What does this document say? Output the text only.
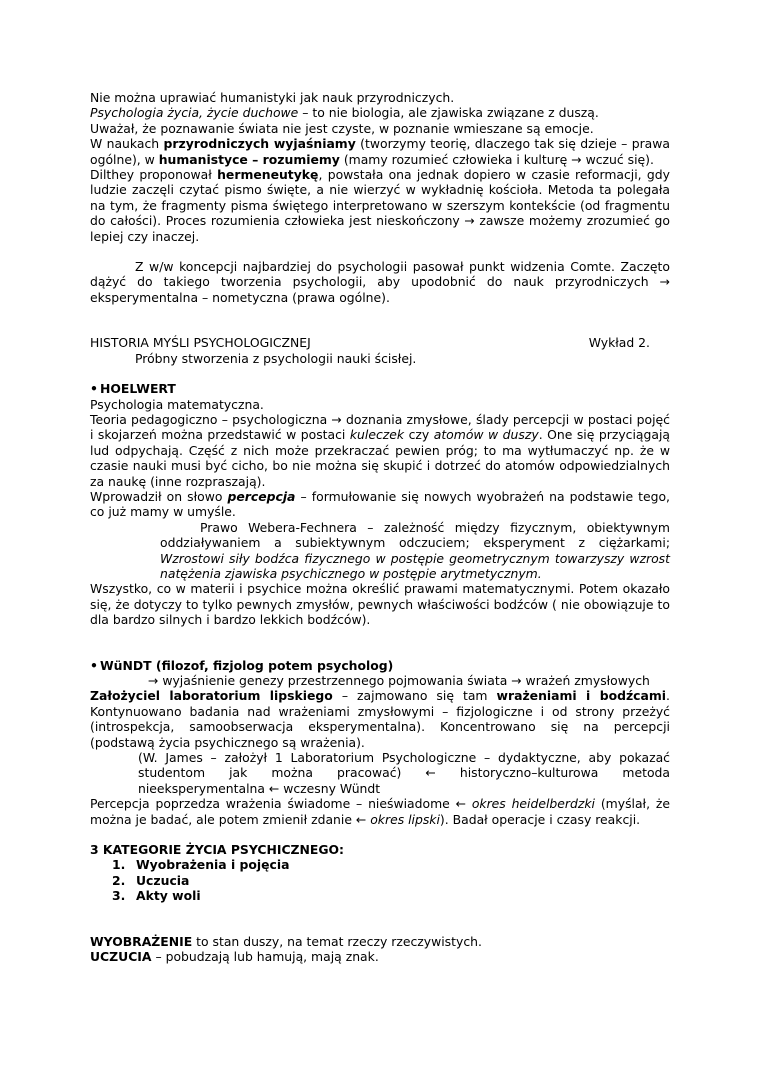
Nie można uprawiać humanistyki jak nauk przyrodniczych.

Psychologia życia, życie duchowe – to nie biologia, ale zjawiska związane z duszą.

Uważał, że poznawanie świata nie jest czyste, w poznanie wmieszane są emocje.

W naukach przyrodniczych wyjaśniamy (tworzymy teorię, dlaczego tak się dzieje – prawa ogólne), w humanistyce – rozumiemy (mamy rozumieć człowieka i kulturę → wczuć się).

Dilthey proponował hermeneutykę, powstała ona jednak dopiero w czasie reformacji, gdy ludzie zaczęli czytać pismo święte, a nie wierzyć w wykładnię kościoła. Metoda ta polegała na tym, że fragmenty pisma świętego interpretowano w szerszym kontekście (od fragmentu do całości). Proces rozumienia człowieka jest nieskończony → zawsze możemy zrozumieć go lepiej czy inaczej.

Z w/w koncepcji najbardziej do psychologii pasował punkt widzenia Comte. Zaczęto dążyć do takiego tworzenia psychologii, aby upodobnić do nauk przyrodniczych → eksperymentalna – nometyczna (prawa ogólne).

HISTORIA MYŚLI PSYCHOLOGICZNEJ	Wykład 2.

Próbny stworzenia z psychologii nauki ścisłej.

• HOELWERT

Psychologia matematyczna.

Teoria pedagogiczno – psychologiczna → doznania zmysłowe, ślady percepcji w postaci pojęć i skojarzeń można przedstawić w postaci kuleczek czy atomów w duszy. One się przyciągają lud odpychają. Część z nich może przekraczać pewien próg; to ma wytłumaczyć np. że w czasie nauki musi być cicho, bo nie można się skupić i dotrzeć do atomów odpowiedzialnych za naukę (inne rozpraszają).

Wprowadził on słowo percepcja – formułowanie się nowych wyobrażeń na podstawie tego, co już mamy w umyśle.

Prawo Webera-Fechnera – zależność między fizycznym, obiektywnym oddziaływaniem a subiektywnym odczuciem; eksperyment z ciężarkami; Wzrostowi siły bodźca fizycznego w postępie geometrycznym towarzyszy wzrost natężenia zjawiska psychicznego w postępie arytmetycznym.

Wszystko, co w materii i psychice można określić prawami matematycznymi. Potem okazało się, że dotyczy to tylko pewnych zmysłów, pewnych właściwości bodźców ( nie obowiązuje to dla bardzo silnych i bardzo lekkich bodźców).

• WüNDT (filozof, fizjolog potem psycholog)

→ wyjaśnienie genezy przestrzennego pojmowania świata → wrażeń zmysłowych

Założyciel laboratorium lipskiego – zajmowano się tam wrażeniami i bodźcami. Kontynuowano badania nad wrażeniami zmysłowymi – fizjologiczne i od strony przeżyć (introspekcja, samoobserwacja eksperymentalna). Koncentrowano się na percepcji (podstawą życia psychicznego są wrażenia).

(W. James – założył 1 Laboratorium Psychologiczne – dydaktyczne, aby pokazać studentom jak można pracować) ← historyczno–kulturowa metoda nieeksperymentalna ← wczesny Wündt

Percepcja poprzedza wrażenia świadome – nieświadome ← okres heidelberdzki (myślał, że można je badać, ale potem zmienił zdanie ← okres lipski). Badał operacje i czasy reakcji.

3 KATEGORIE ŻYCIA PSYCHICZNEGO:

1. Wyobrażenia i pojęcia
2. Uczucia
3. Akty woli

WYOBRAŻENIE to stan duszy, na temat rzeczy rzeczywistych.

UCZUCIA – pobudzają lub hamują, mają znak.
